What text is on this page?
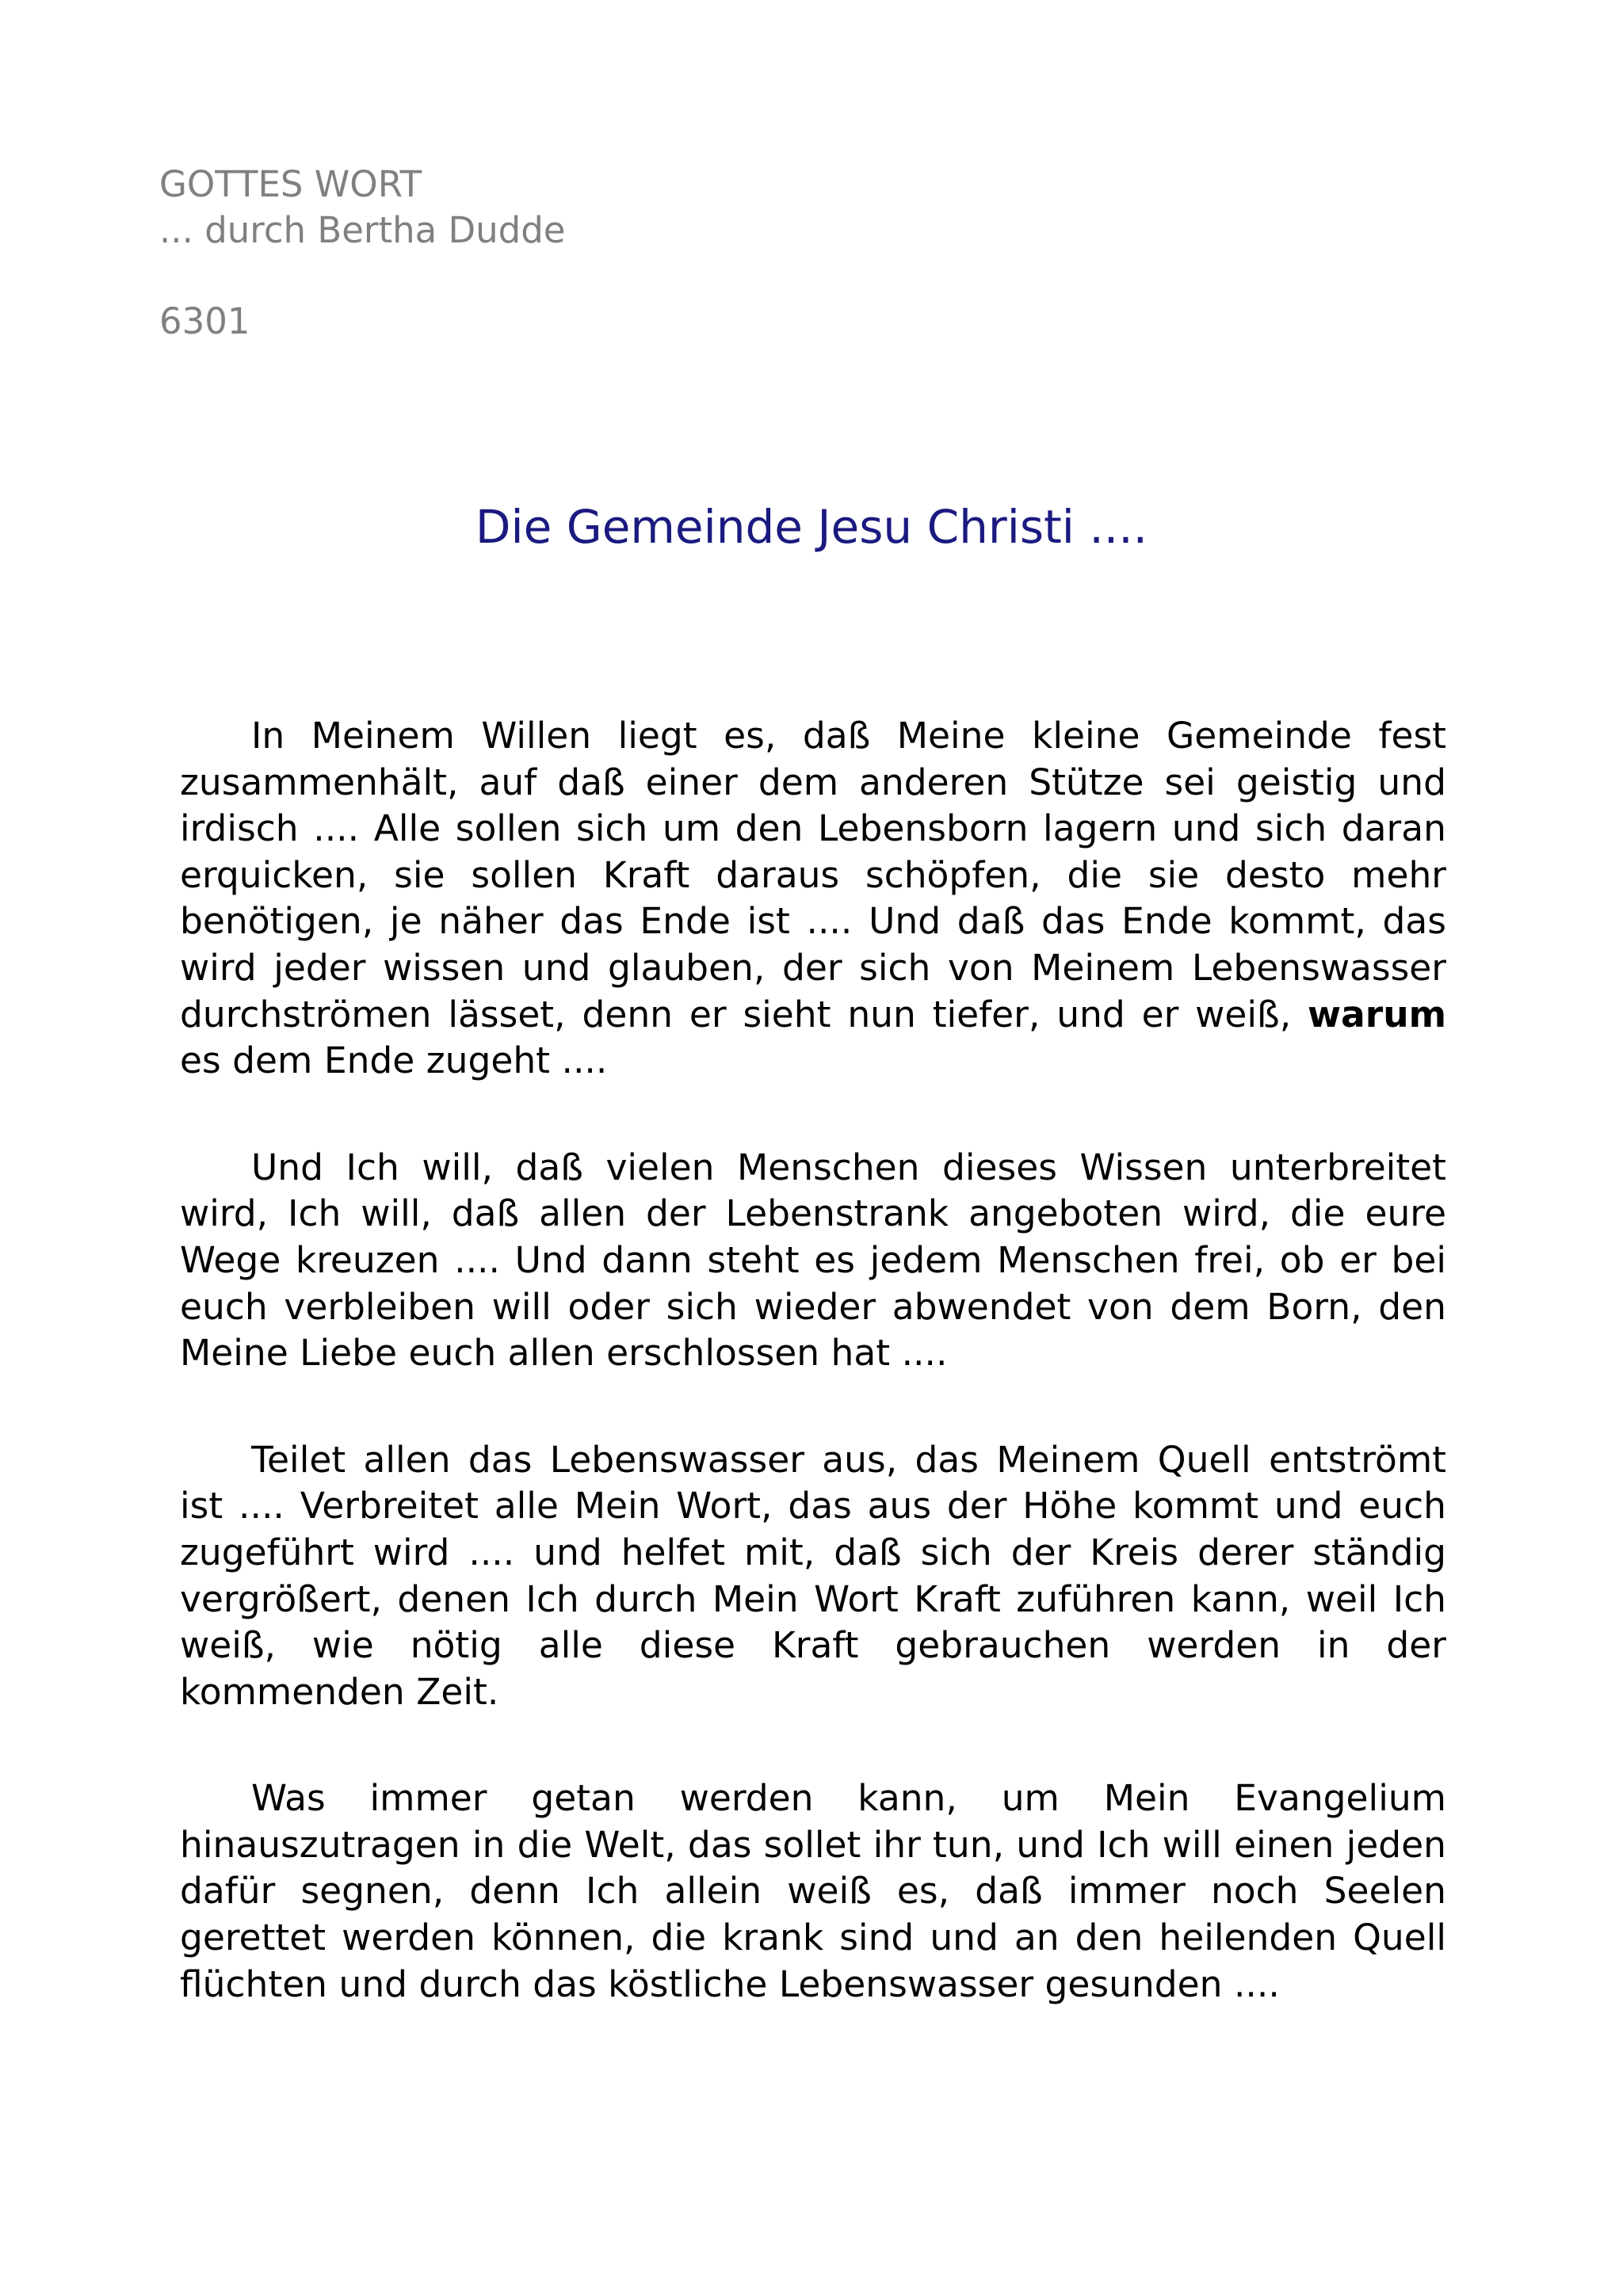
GOTTES WORT
... durch Bertha Dudde
6301
Die Gemeinde Jesu Christi ....

In Meinem Willen liegt es, daß Meine kleine Gemeinde fest zusammenhält, auf daß einer dem anderen Stütze sei geistig und irdisch .... Alle sollen sich um den Lebensborn lagern und sich daran erquicken, sie sollen Kraft daraus schöpfen, die sie desto mehr benötigen, je näher das Ende ist .... Und daß das Ende kommt, das wird jeder wissen und glauben, der sich von Meinem Lebenswasser durchströmen lässet, denn er sieht nun tiefer, und er weiß, warum es dem Ende zugeht ....

Und Ich will, daß vielen Menschen dieses Wissen unterbreitet wird, Ich will, daß allen der Lebenstrank angeboten wird, die eure Wege kreuzen .... Und dann steht es jedem Menschen frei, ob er bei euch verbleiben will oder sich wieder abwendet von dem Born, den Meine Liebe euch allen erschlossen hat ....

Teilet allen das Lebenswasser aus, das Meinem Quell entströmt ist .... Verbreitet alle Mein Wort, das aus der Höhe kommt und euch zugeführt wird .... und helfet mit, daß sich der Kreis derer ständig vergrößert, denen Ich durch Mein Wort Kraft zuführen kann, weil Ich weiß, wie nötig alle diese Kraft gebrauchen werden in der kommenden Zeit.

Was immer getan werden kann, um Mein Evangelium hinauszutragen in die Welt, das sollet ihr tun, und Ich will einen jeden dafür segnen, denn Ich allein weiß es, daß immer noch Seelen gerettet werden können, die krank sind und an den heilenden Quell flüchten und durch das köstliche Lebenswasser gesunden ....
